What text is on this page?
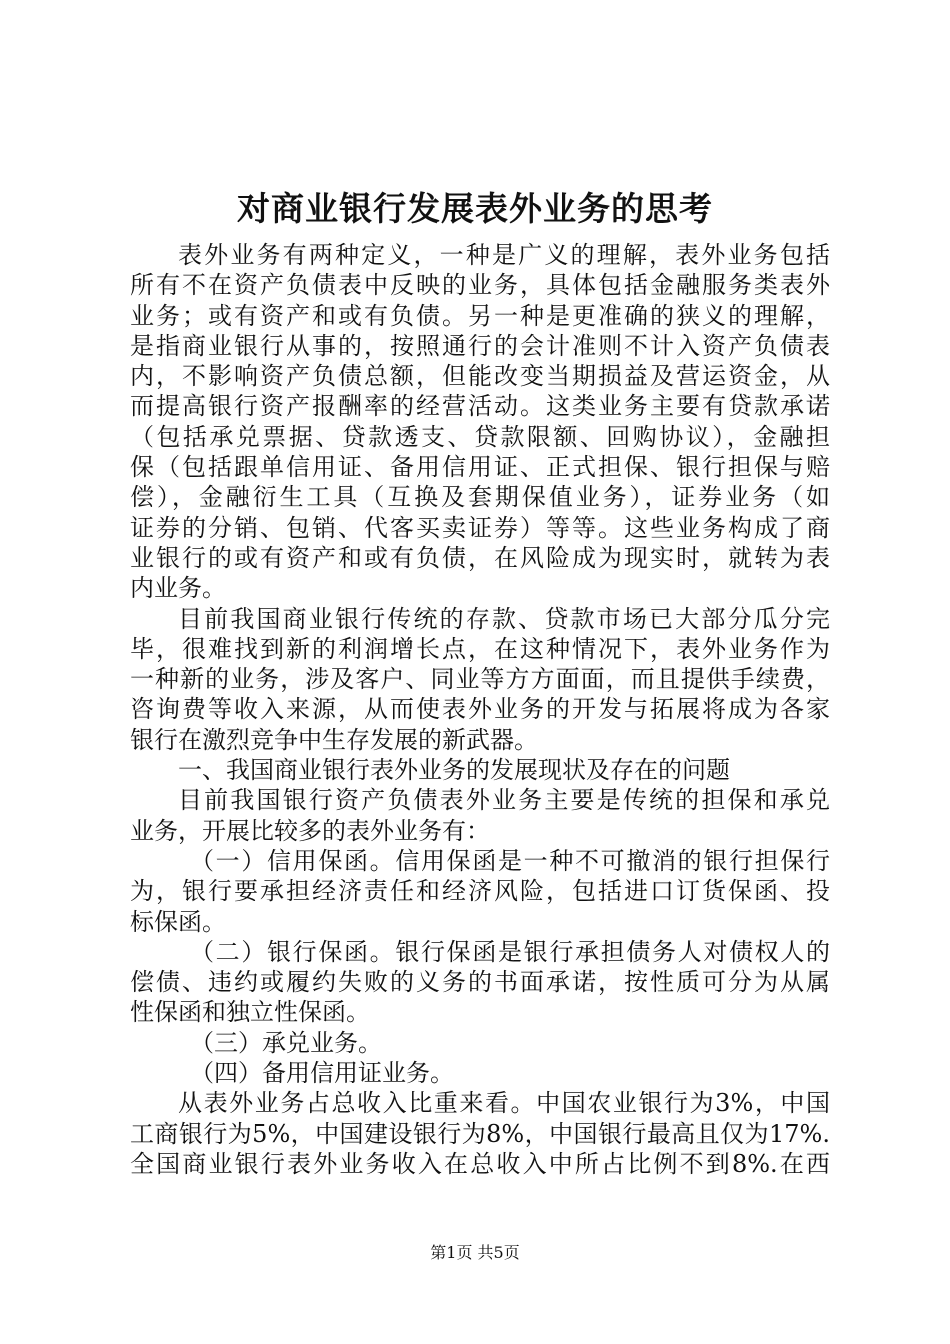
对商业银行发展表外业务的思考
表外业务有两种定义，一种是广义的理解，表外业务包括
所有不在资产负债表中反映的业务，具体包括金融服务类表外
业务；或有资产和或有负债。另一种是更准确的狭义的理解，
是指商业银行从事的，按照通行的会计准则不计入资产负债表
内，不影响资产负债总额，但能改变当期损益及营运资金，从
而提高银行资产报酬率的经营活动。这类业务主要有贷款承诺
（包括承兑票据、贷款透支、贷款限额、回购协议），金融担
保（包括跟单信用证、备用信用证、正式担保、银行担保与赔
偿），金融衍生工具（互换及套期保值业务），证券业务（如
证券的分销、包销、代客买卖证券）等等。这些业务构成了商
业银行的或有资产和或有负债，在风险成为现实时，就转为表
内业务。
目前我国商业银行传统的存款、贷款市场已大部分瓜分完
毕，很难找到新的利润增长点，在这种情况下，表外业务作为
一种新的业务，涉及客户、同业等方方面面，而且提供手续费，
咨询费等收入来源，从而使表外业务的开发与拓展将成为各家
银行在激烈竞争中生存发展的新武器。
一、我国商业银行表外业务的发展现状及存在的问题
目前我国银行资产负债表外业务主要是传统的担保和承兑
业务，开展比较多的表外业务有：
（一）信用保函。信用保函是一种不可撤消的银行担保行
为，银行要承担经济责任和经济风险，包括进口订货保函、投
标保函。
（二）银行保函。银行保函是银行承担债务人对债权人的
偿债、违约或履约失败的义务的书面承诺，按性质可分为从属
性保函和独立性保函。
（三）承兑业务。
（四）备用信用证业务。
从表外业务占总收入比重来看。中国农业银行为3%，中国
工商银行为5%，中国建设银行为8%，中国银行最高且仅为17%.
全国商业银行表外业务收入在总收入中所占比例不到8%.在西
第1页 共5页
